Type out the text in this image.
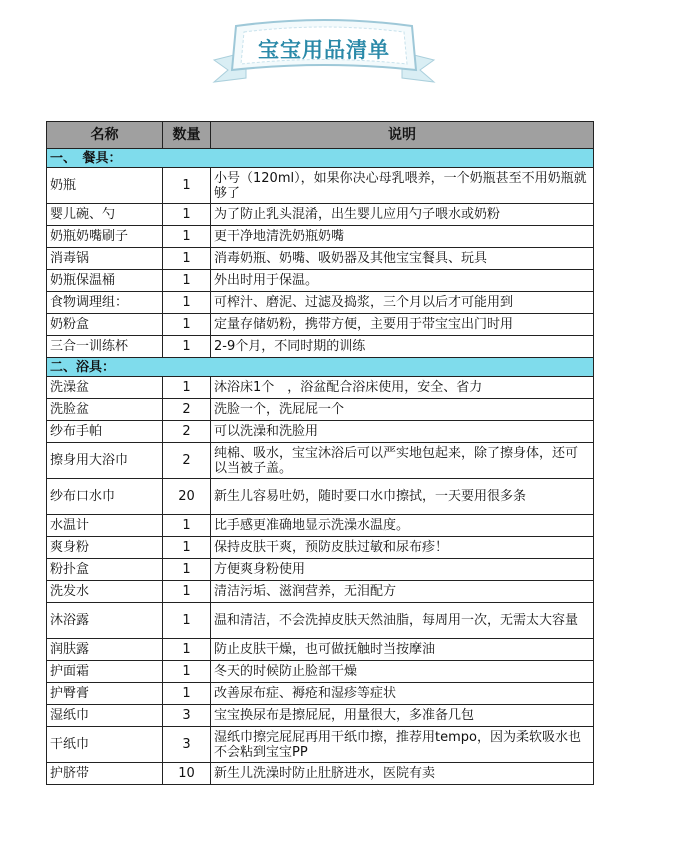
宝宝用品清单
名称	数量	说明
一、　餐具：		
奶瓶	1	小号（120ml），如果你决心母乳喂养，一个奶瓶甚至不用奶瓶就够了
婴儿碗、勺	1	为了防止乳头混淆，出生婴儿应用勺子喂水或奶粉
奶瓶奶嘴刷子	1	更干净地清洗奶瓶奶嘴
消毒锅	1	消毒奶瓶、奶嘴、吸奶器及其他宝宝餐具、玩具
奶瓶保温桶	1	外出时用于保温。
食物调理组：	1	可榨汁、磨泥、过滤及捣浆，三个月以后才可能用到
奶粉盒	1	定量存储奶粉，携带方便，主要用于带宝宝出门时用
三合一训练杯	1	2-9个月，不同时期的训练
二、浴具：		
洗澡盆	1	沐浴床1个　，浴盆配合浴床使用，安全、省力
洗脸盆	2	洗脸一个，洗屁屁一个
纱布手帕	2	可以洗澡和洗脸用
擦身用大浴巾	2	纯棉、吸水，宝宝沐浴后可以严实地包起来，除了擦身体，还可以当被子盖。
纱布口水巾	20	新生儿容易吐奶，随时要口水巾擦拭，一天要用很多条
水温计	1	比手感更准确地显示洗澡水温度。
爽身粉	1	保持皮肤干爽，预防皮肤过敏和尿布疹！
粉扑盒	1	方便爽身粉使用
洗发水	1	清洁污垢、滋润营养，无泪配方
沐浴露	1	温和清洁，不会洗掉皮肤天然油脂，每周用一次，无需太大容量
润肤露	1	防止皮肤干燥，也可做抚触时当按摩油
护面霜	1	冬天的时候防止脸部干燥
护臀膏	1	改善尿布症、褥疮和湿疹等症状
湿纸巾	3	宝宝换尿布是擦屁屁，用量很大，多准备几包
干纸巾	3	湿纸巾擦完屁屁再用干纸巾擦，推荐用tempo，因为柔软吸水也不会粘到宝宝PP
护脐带	10	新生儿洗澡时防止肚脐进水，医院有卖
